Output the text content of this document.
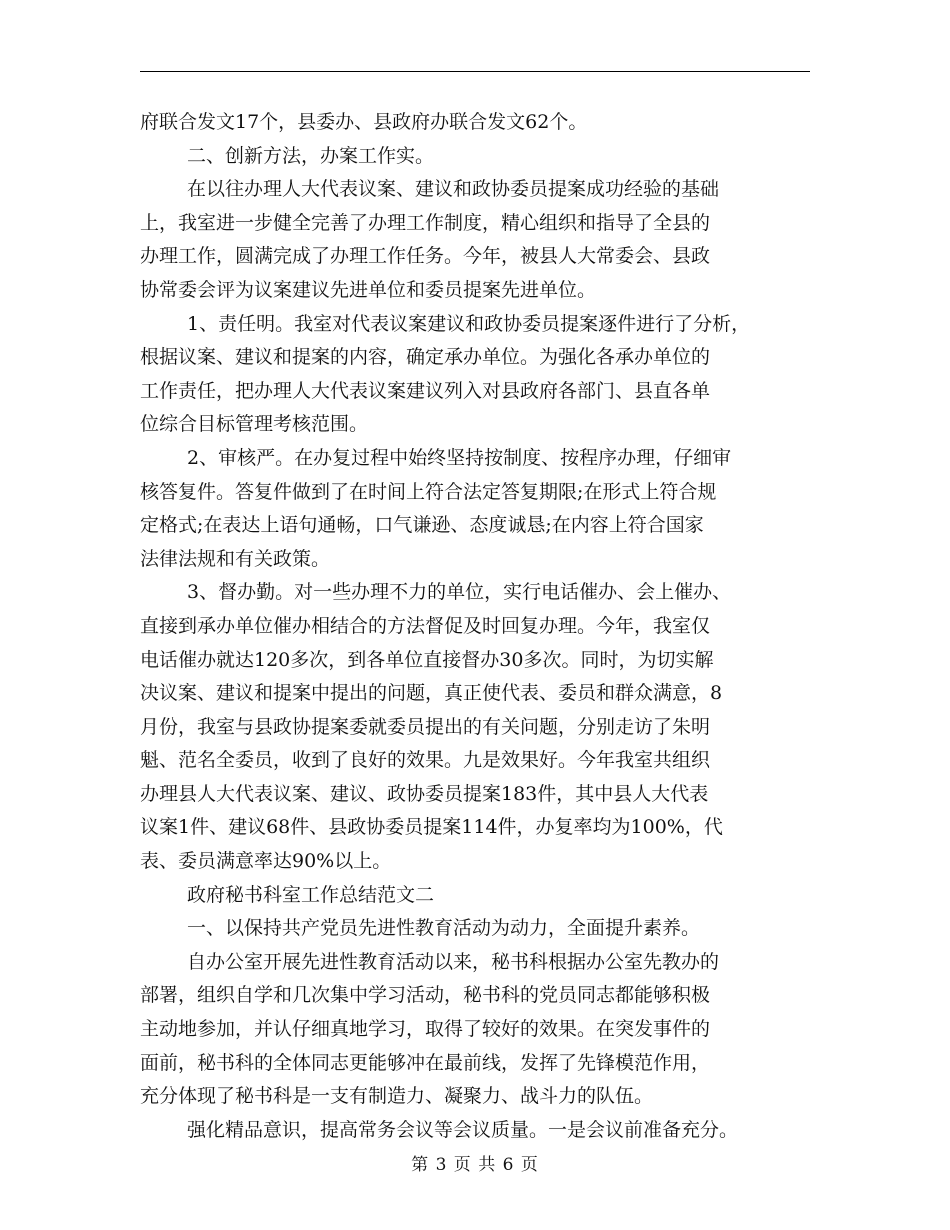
府联合发文17个，县委办、县政府办联合发文62个。
二、创新方法，办案工作实。
在以往办理人大代表议案、建议和政协委员提案成功经验的基础
上，我室进一步健全完善了办理工作制度，精心组织和指导了全县的
办理工作，圆满完成了办理工作任务。今年，被县人大常委会、县政
协常委会评为议案建议先进单位和委员提案先进单位。
1、责任明。我室对代表议案建议和政协委员提案逐件进行了分析，
根据议案、建议和提案的内容，确定承办单位。为强化各承办单位的
工作责任，把办理人大代表议案建议列入对县政府各部门、县直各单
位综合目标管理考核范围。
2、审核严。在办复过程中始终坚持按制度、按程序办理，仔细审
核答复件。答复件做到了在时间上符合法定答复期限;在形式上符合规
定格式;在表达上语句通畅，口气谦逊、态度诚恳;在内容上符合国家
法律法规和有关政策。
3、督办勤。对一些办理不力的单位，实行电话催办、会上催办、
直接到承办单位催办相结合的方法督促及时回复办理。今年，我室仅
电话催办就达120多次，到各单位直接督办30多次。同时，为切实解
决议案、建议和提案中提出的问题，真正使代表、委员和群众满意，8
月份，我室与县政协提案委就委员提出的有关问题，分别走访了朱明
魁、范名全委员，收到了良好的效果。九是效果好。今年我室共组织
办理县人大代表议案、建议、政协委员提案183件，其中县人大代表
议案1件、建议68件、县政协委员提案114件，办复率均为100%，代
表、委员满意率达90%以上。
政府秘书科室工作总结范文二
一、以保持共产党员先进性教育活动为动力，全面提升素养。
自办公室开展先进性教育活动以来，秘书科根据办公室先教办的
部署，组织自学和几次集中学习活动，秘书科的党员同志都能够积极
主动地参加，并认仔细真地学习，取得了较好的效果。在突发事件的
面前，秘书科的全体同志更能够冲在最前线，发挥了先锋模范作用，
充分体现了秘书科是一支有制造力、凝聚力、战斗力的队伍。
强化精品意识，提高常务会议等会议质量。一是会议前准备充分。
第 3 页 共 6 页
